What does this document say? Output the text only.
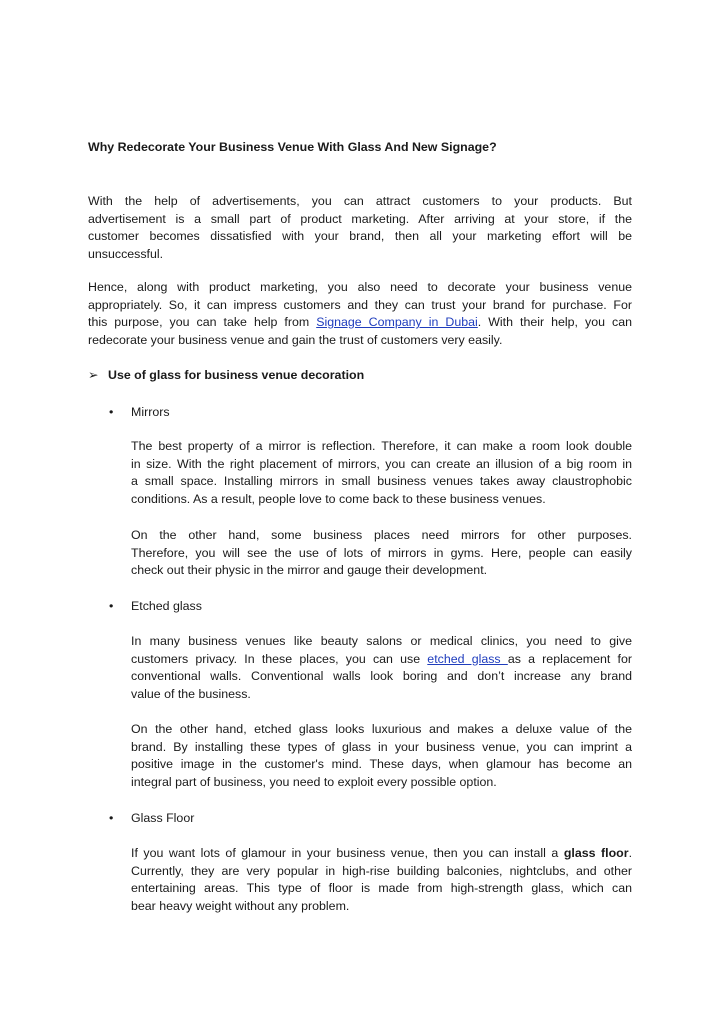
Why Redecorate Your Business Venue With Glass And New Signage?

With the help of advertisements, you can attract customers to your products. But
advertisement is a small part of product marketing. After arriving at your store, if the
customer becomes dissatisfied with your brand, then all your marketing effort will be
unsuccessful.

Hence, along with product marketing, you also need to decorate your business venue
appropriately. So, it can impress customers and they can trust your brand for purchase. For
this purpose, you can take help from Signage Company in Dubai. With their help, you can
redecorate your business venue and gain the trust of customers very easily.

➢ Use of glass for business venue decoration
• Mirrors

The best property of a mirror is reflection. Therefore, it can make a room look double
in size. With the right placement of mirrors, you can create an illusion of a big room in
a small space. Installing mirrors in small business venues takes away claustrophobic
conditions. As a result, people love to come back to these business venues.

On the other hand, some business places need mirrors for other purposes.
Therefore, you will see the use of lots of mirrors in gyms. Here, people can easily
check out their physic in the mirror and gauge their development.

• Etched glass

In many business venues like beauty salons or medical clinics, you need to give
customers privacy. In these places, you can use etched glass as a replacement for
conventional walls. Conventional walls look boring and don’t increase any brand
value of the business.

On the other hand, etched glass looks luxurious and makes a deluxe value of the
brand. By installing these types of glass in your business venue, you can imprint a
positive image in the customer's mind. These days, when glamour has become an
integral part of business, you need to exploit every possible option.

• Glass Floor

If you want lots of glamour in your business venue, then you can install a glass floor.
Currently, they are very popular in high-rise building balconies, nightclubs, and other
entertaining areas. This type of floor is made from high-strength glass, which can
bear heavy weight without any problem.
